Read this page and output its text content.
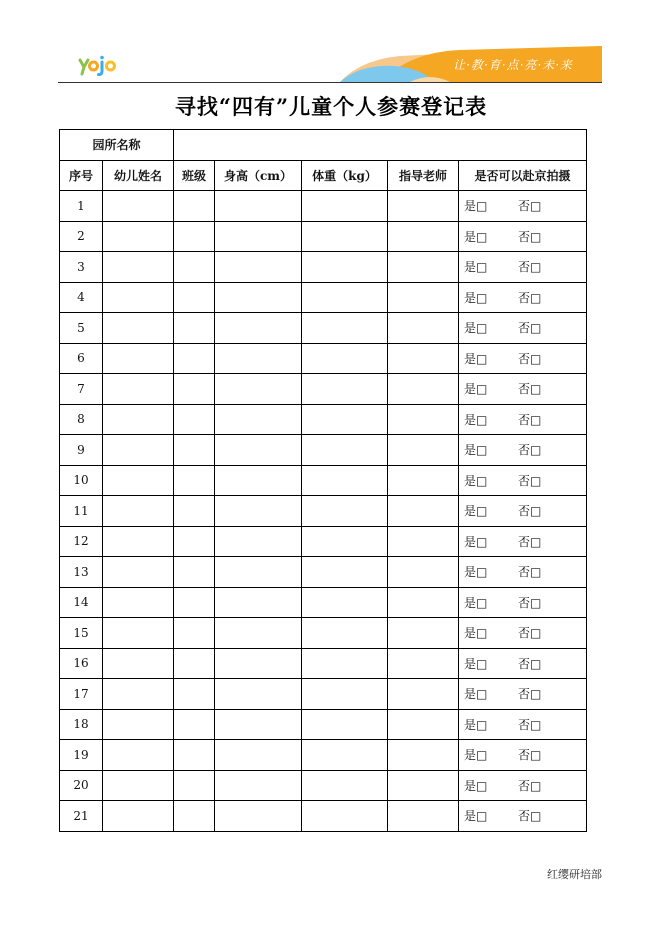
让·教·育·点·亮·未·来
寻找“四有”儿童个人参赛登记表
园所名称						
序号	幼儿姓名	班级	身高（cm）	体重（kg）	指导老师	是否可以赴京拍摄
1						是□ 否□
2						是□ 否□
3						是□ 否□
4						是□ 否□
5						是□ 否□
6						是□ 否□
7						是□ 否□
8						是□ 否□
9						是□ 否□
10						是□ 否□
11						是□ 否□
12						是□ 否□
13						是□ 否□
14						是□ 否□
15						是□ 否□
16						是□ 否□
17						是□ 否□
18						是□ 否□
19						是□ 否□
20						是□ 否□
21						是□ 否□
红缨研培部
